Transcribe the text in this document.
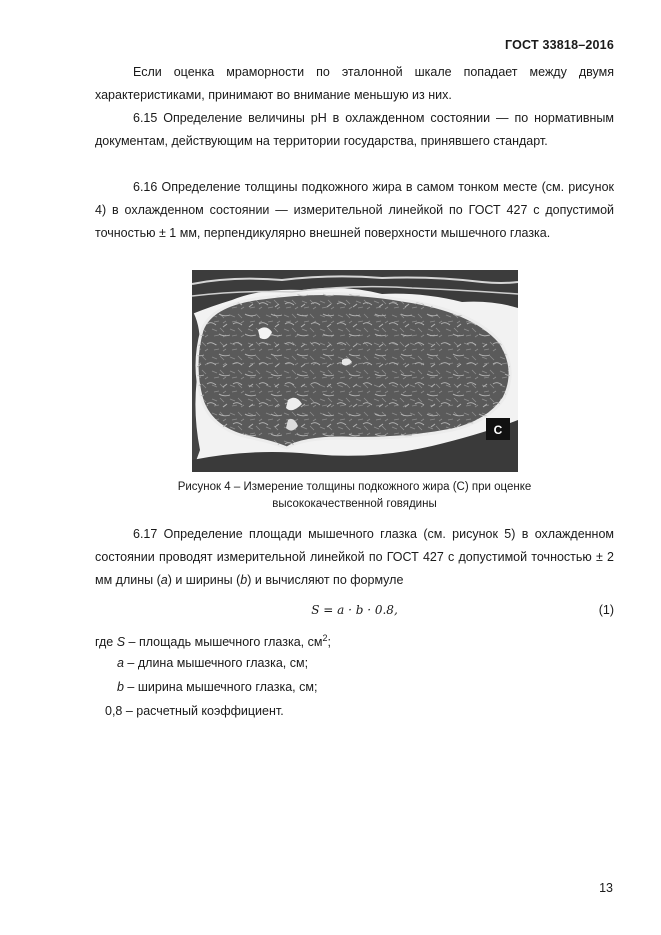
ГОСТ 33818–2016

Если оценка мраморности по эталонной шкале попадает между двумя характеристиками, принимают во внимание меньшую из них.

6.15 Определение величины pH в охлажденном состоянии — по нормативным документам, действующим на территории государства, принявшего стандарт.

6.16 Определение толщины подкожного жира в самом тонком месте (см. рисунок 4) в охлажденном состоянии — измерительной линейкой по ГОСТ 427 с допустимой точностью ± 1 мм, перпендикулярно внешней поверхности мышечного глазка.

C
Рисунок 4 – Измерение толщины подкожного жира (С) при оценке
высококачественной говядины

6.17 Определение площади мышечного глазка (см. рисунок 5) в охлажденном состоянии проводят измерительной линейкой по ГОСТ 427 с допустимой точностью ± 2 мм длины (a) и ширины (b) и вычисляют по формуле

S = a · b · 0.8,	(1)
где S – площадь мышечного глазка, $см^2$;
a – длина мышечного глазка, см;
b – ширина мышечного глазка, см;
0,8 – расчетный коэффициент.
13
